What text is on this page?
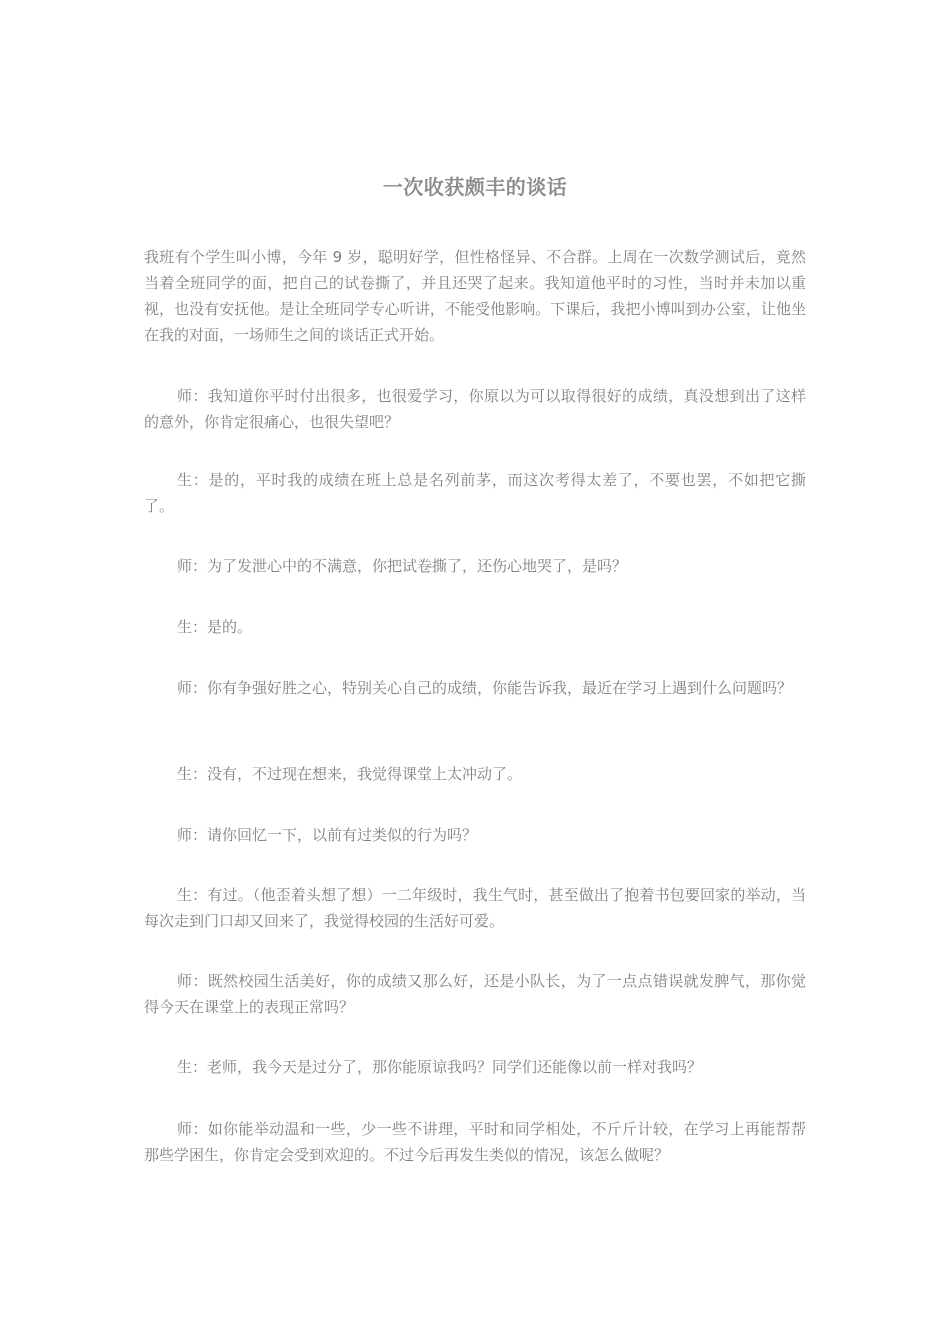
一次收获颇丰的谈话

我班有个学生叫小博，今年 9 岁，聪明好学，但性格怪异、不合群。上周在一次数学测试后，竟然当着全班同学的面，把自己的试卷撕了，并且还哭了起来。我知道他平时的习性，当时并未加以重视，也没有安抚他。是让全班同学专心听讲，不能受他影响。下课后，我把小博叫到办公室，让他坐在我的对面，一场师生之间的谈话正式开始。

师：我知道你平时付出很多，也很爱学习，你原以为可以取得很好的成绩，真没想到出了这样的意外，你肯定很痛心，也很失望吧？

生：是的，平时我的成绩在班上总是名列前茅，而这次考得太差了，不要也罢，不如把它撕了。

师：为了发泄心中的不满意，你把试卷撕了，还伤心地哭了，是吗？

生：是的。

师：你有争强好胜之心，特别关心自己的成绩，你能告诉我，最近在学习上遇到什么问题吗？

生：没有，不过现在想来，我觉得课堂上太冲动了。

师：请你回忆一下，以前有过类似的行为吗？

生：有过。（他歪着头想了想）一二年级时，我生气时，甚至做出了抱着书包要回家的举动，当每次走到门口却又回来了，我觉得校园的生活好可爱。

师：既然校园生活美好，你的成绩又那么好，还是小队长，为了一点点错误就发脾气，那你觉得今天在课堂上的表现正常吗？

生：老师，我今天是过分了，那你能原谅我吗？同学们还能像以前一样对我吗？

师：如你能举动温和一些，少一些不讲理，平时和同学相处，不斤斤计较，在学习上再能帮帮那些学困生，你肯定会受到欢迎的。不过今后再发生类似的情况，该怎么做呢？
